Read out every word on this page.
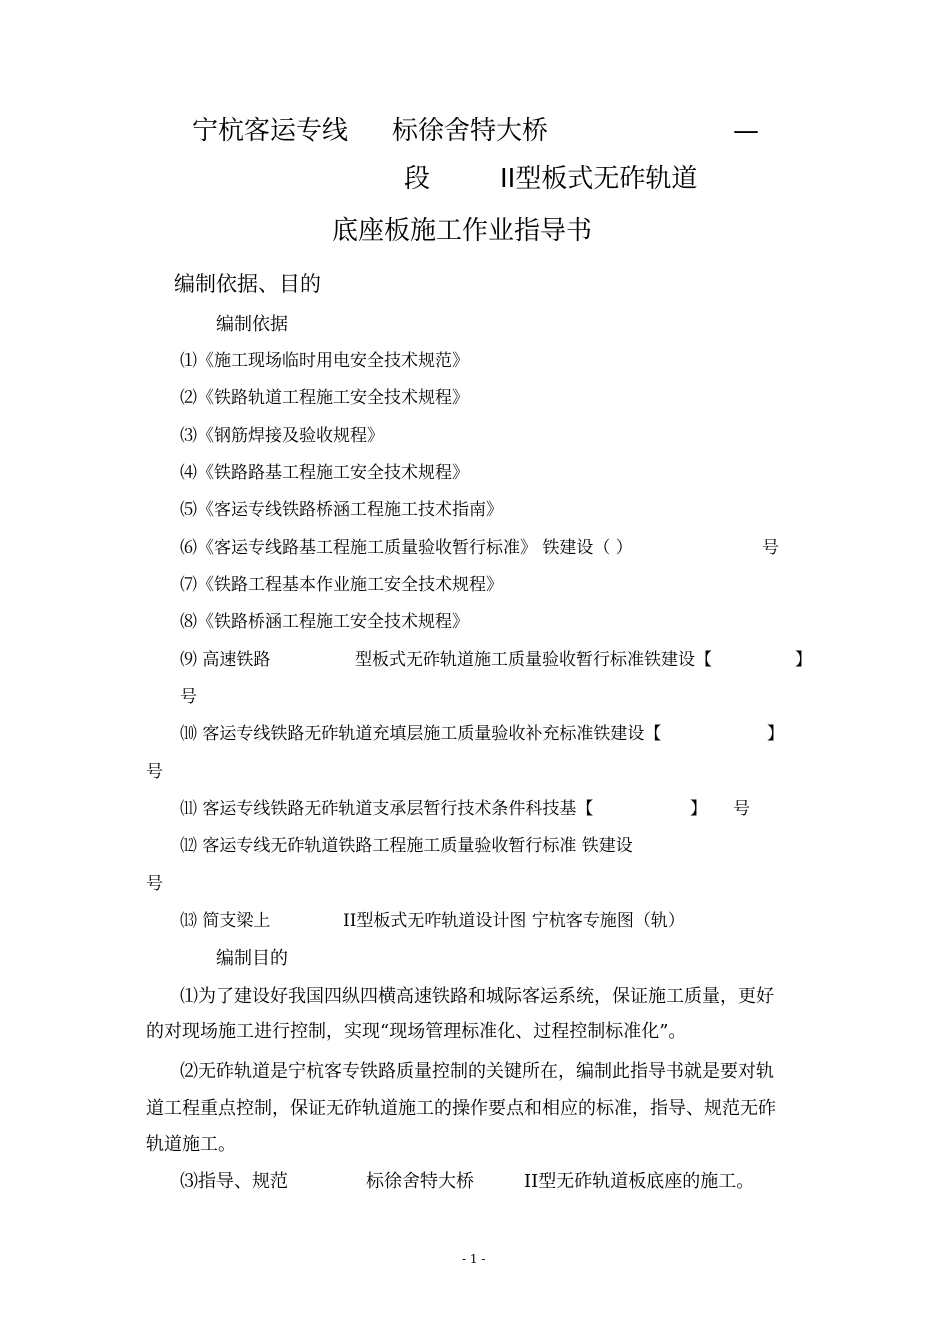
宁杭客运专线 标徐舍特大桥	—
段	II型板式无砟轨道
底座板施工作业指导书
编制依据、目的
编制依据
⑴《施工现场临时用电安全技术规范》
⑵《铁路轨道工程施工安全技术规程》
⑶《钢筋焊接及验收规程》
⑷《铁路路基工程施工安全技术规程》
⑸《客运专线铁路桥涵工程施工技术指南》
⑹《客运专线路基工程施工质量验收暂行标准》 铁建设（ ）	号
⑺《铁路工程基本作业施工安全技术规程》
⑻《铁路桥涵工程施工安全技术规程》
⑼ 高速铁路	型板式无砟轨道施工质量验收暂行标准铁建设【	】
号
⑽ 客运专线铁路无砟轨道充填层施工质量验收补充标准铁建设【	】
号
⑾ 客运专线铁路无砟轨道支承层暂行技术条件科技基【	】 号
⑿ 客运专线无砟轨道铁路工程施工质量验收暂行标准 铁建设
号
⒀ 简支梁上	II型板式无咋轨道设计图 宁杭客专施图（轨）
编制目的
⑴为了建设好我国四纵四横高速铁路和城际客运系统，保证施工质量，更好
的对现场施工进行控制，实现“现场管理标准化、过程控制标准化”。
⑵无砟轨道是宁杭客专铁路质量控制的关键所在，编制此指导书就是要对轨
道工程重点控制，保证无砟轨道施工的操作要点和相应的标准，指导、规范无砟
轨道施工。
⑶指导、规范	标徐舍特大桥	II型无砟轨道板底座的施工。
- 1 -
